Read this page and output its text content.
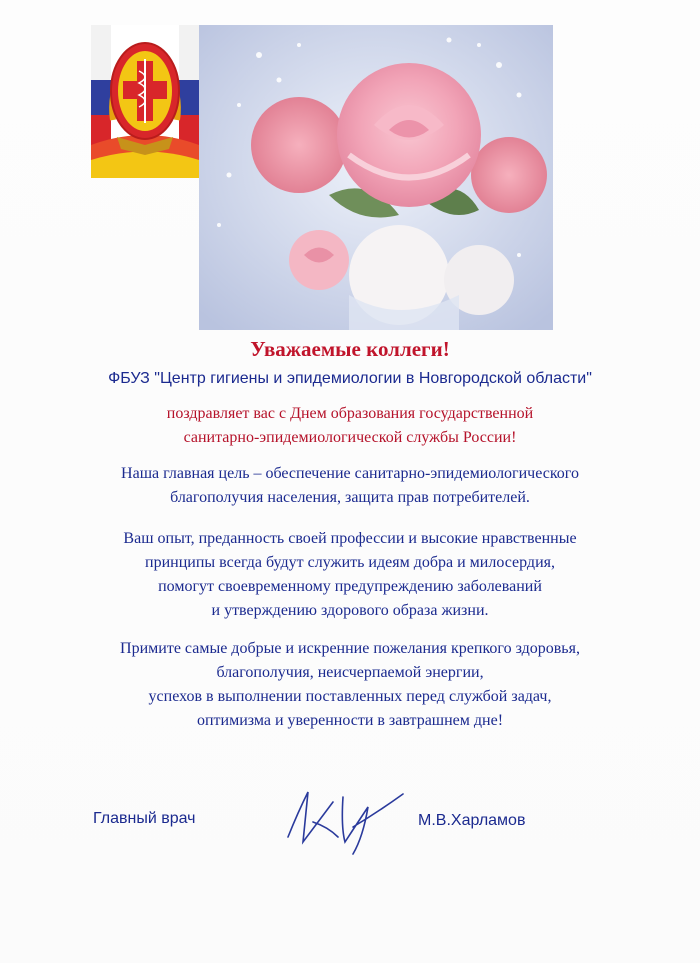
Уважаемые коллеги!
ФБУЗ "Центр гигиены и эпидемиологии в Новгородской области"
поздравляет вас с Днем образования государственной
санитарно-эпидемиологической службы России!
Наша главная цель – обеспечение санитарно-эпидемиологического
благополучия населения, защита прав потребителей.
Ваш опыт, преданность своей профессии и высокие нравственные
принципы всегда будут служить идеям добра и милосердия,
помогут своевременному предупреждению заболеваний
и утверждению здорового образа жизни.
Примите самые добрые и искренние пожелания крепкого здоровья,
благополучия, неисчерпаемой энергии,
успехов в выполнении поставленных перед службой задач,
оптимизма и уверенности в завтрашнем дне!
Главный врач	М.В.Харламов
